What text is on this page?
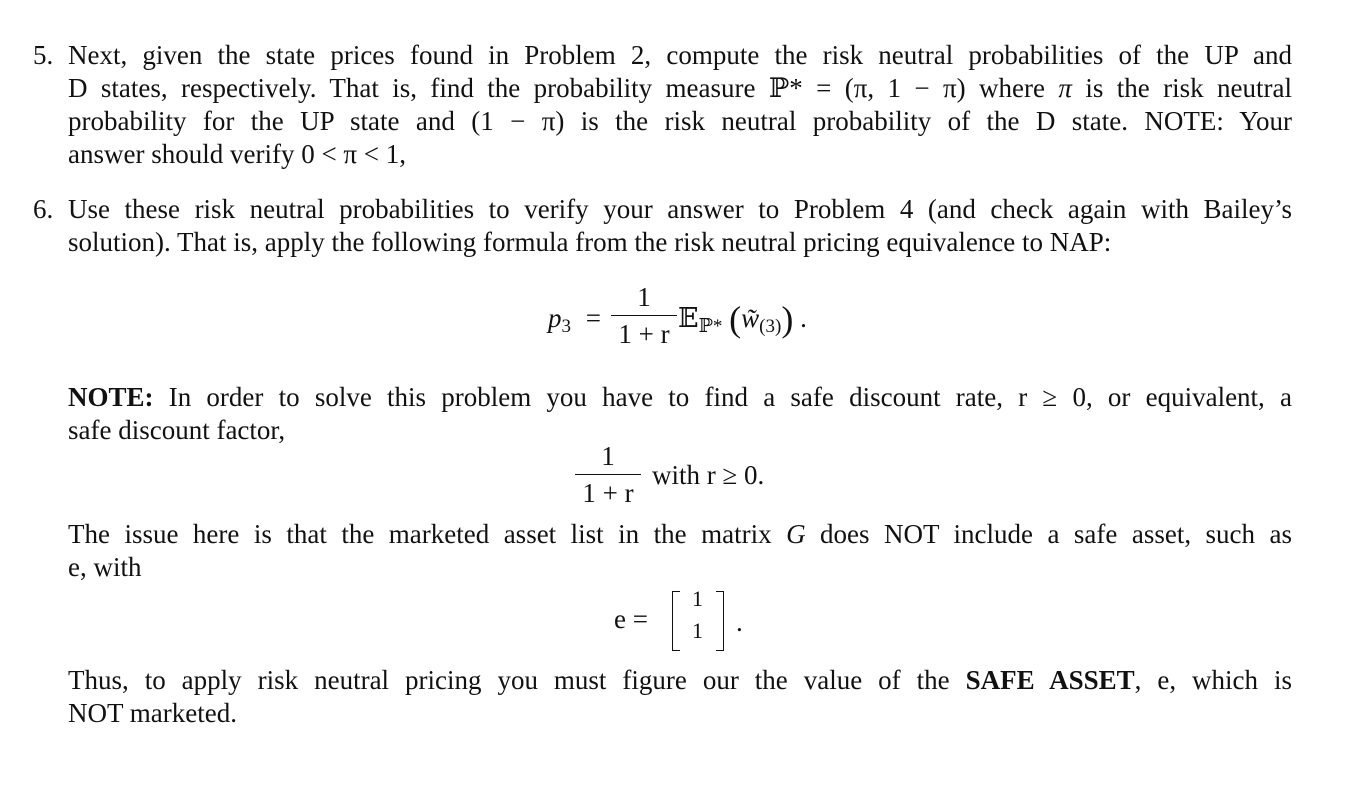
5. Next, given the state prices found in Problem 2, compute the risk neutral probabilities of the UP and
D states, respectively. That is, find the probability measure ℙ* = (π, 1 − π) where π is the risk neutral
probability for the UP state and (1 − π) is the risk neutral probability of the D state. NOTE: Your
answer should verify 0 < π < 1,
6. Use these risk neutral probabilities to verify your answer to Problem 4 (and check again with Bailey’s
solution). That is, apply the following formula from the risk neutral pricing equivalence to NAP:
p3 =
1
1 + r
𝔼ℙ* (w̃(3)) .
NOTE: In order to solve this problem you have to find a safe discount rate, r ≥ 0, or equivalent, a
safe discount factor,
1
1 + r
with r ≥ 0.
The issue here is that the marketed asset list in the matrix G does NOT include a safe asset, such as
e, with
e =
1
1 .
Thus, to apply risk neutral pricing you must figure our the value of the SAFE ASSET, e, which is
NOT marketed.
